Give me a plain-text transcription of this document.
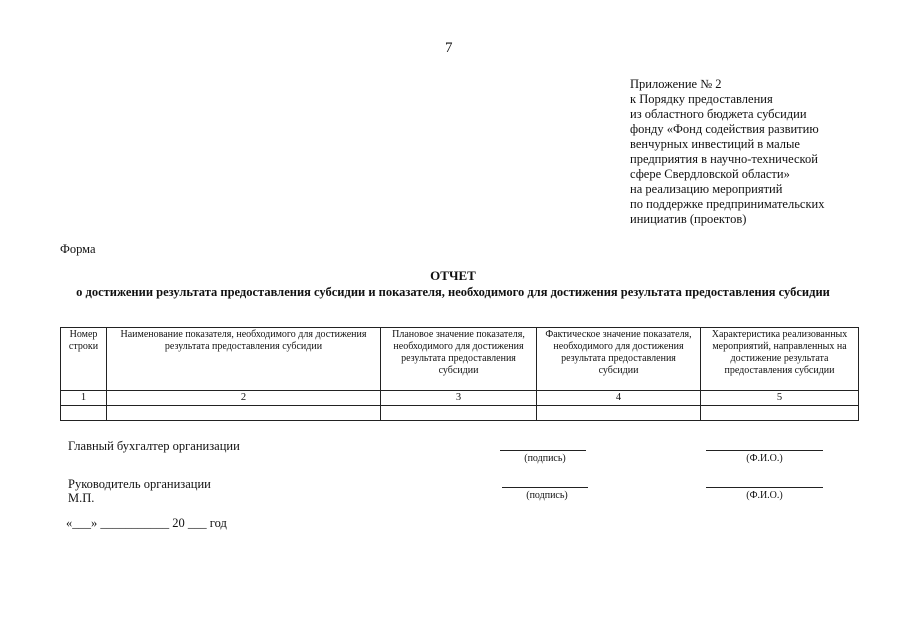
7
Приложение № 2
к Порядку предоставления
из областного бюджета субсидии
фонду «Фонд содействия развитию
венчурных инвестиций в малые
предприятия в научно-технической
сфере Свердловской области»
на реализацию мероприятий
по поддержке предпринимательских
инициатив (проектов)
Форма
ОТЧЕТ
о достижении результата предоставления субсидии и показателя, необходимого для достижения результата предоставления субсидии
Номер строки	Наименование показателя, необходимого для достижения результата предоставления субсидии	Плановое значение показателя, необходимого для достижения результата предоставления субсидии	Фактическое значение показателя, необходимого для достижения результата предоставления субсидии	Характеристика реализованных мероприятий, направленных на достижение результата предоставления субсидии
1	2	3	4	5

Главный бухгалтер организации
(подпись)	(Ф.И.О.)
Руководитель организации
М.П.	(подпись)	(Ф.И.О.)
«___» ___________ 20 ___ год
